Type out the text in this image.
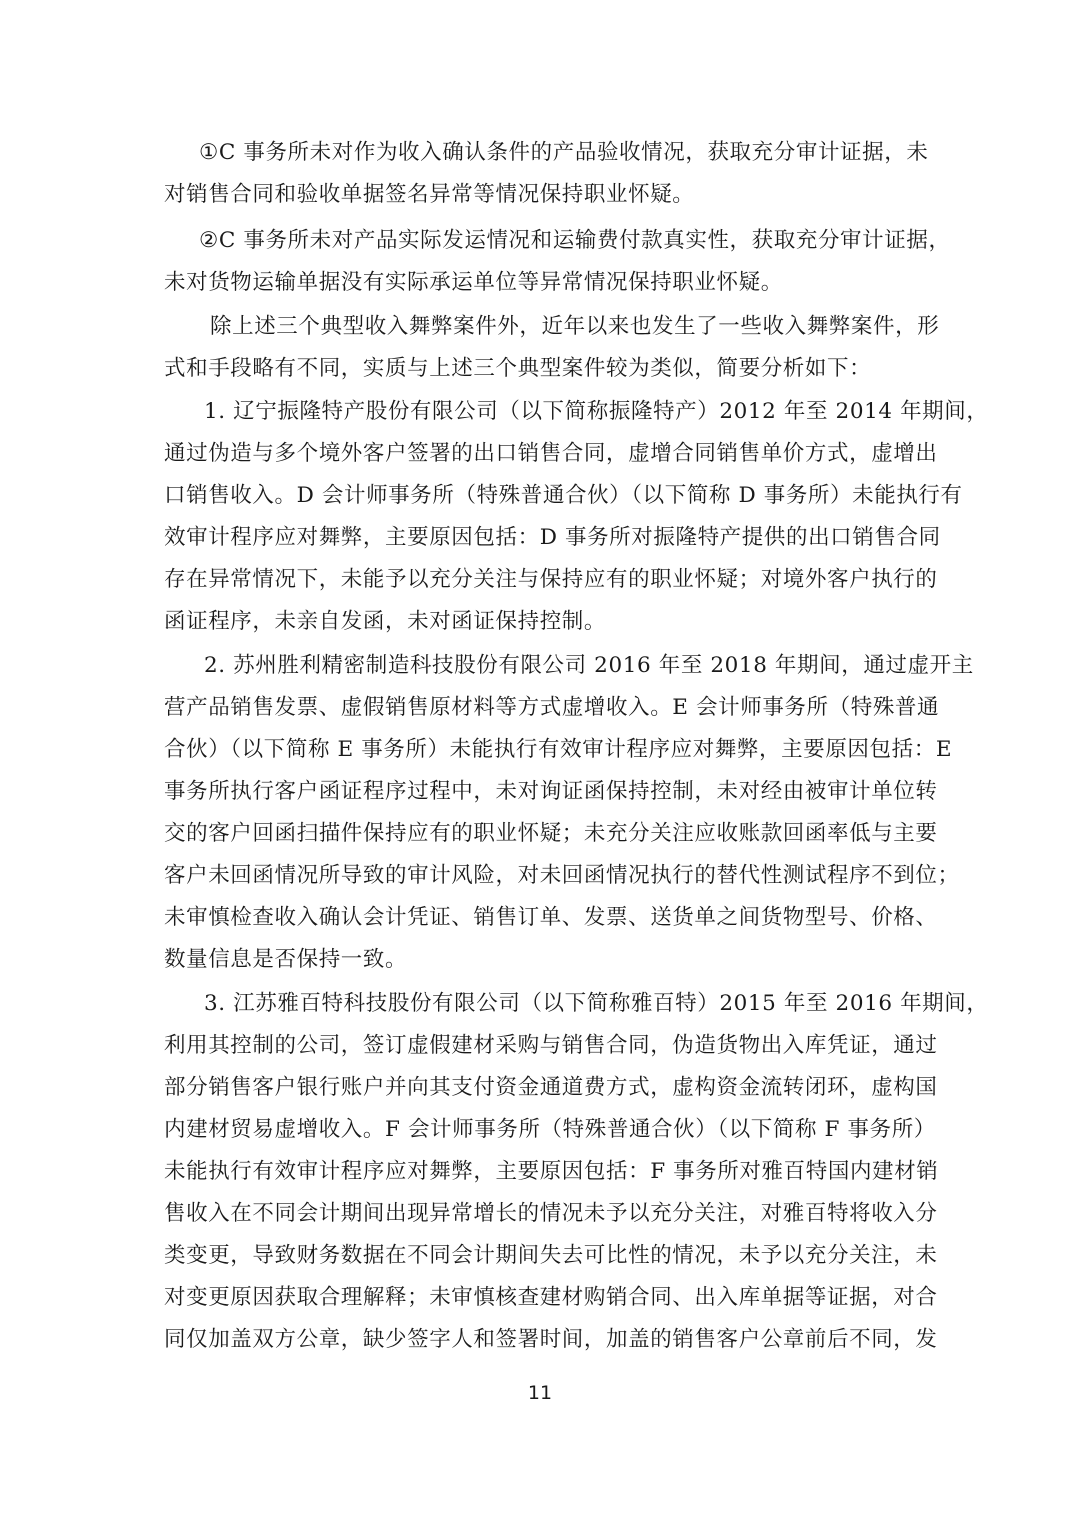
①C 事务所未对作为收入确认条件的产品验收情况，获取充分审计证据，未

对销售合同和验收单据签名异常等情况保持职业怀疑。

②C 事务所未对产品实际发运情况和运输费付款真实性，获取充分审计证据，

未对货物运输单据没有实际承运单位等异常情况保持职业怀疑。

除上述三个典型收入舞弊案件外，近年以来也发生了一些收入舞弊案件，形

式和手段略有不同，实质与上述三个典型案件较为类似，简要分析如下：

1. 辽宁振隆特产股份有限公司（以下简称振隆特产）2012 年至 2014 年期间，

通过伪造与多个境外客户签署的出口销售合同，虚增合同销售单价方式，虚增出

口销售收入。D 会计师事务所（特殊普通合伙）（以下简称 D 事务所）未能执行有

效审计程序应对舞弊，主要原因包括：D 事务所对振隆特产提供的出口销售合同

存在异常情况下，未能予以充分关注与保持应有的职业怀疑；对境外客户执行的

函证程序，未亲自发函，未对函证保持控制。

2. 苏州胜利精密制造科技股份有限公司 2016 年至 2018 年期间，通过虚开主

营产品销售发票、虚假销售原材料等方式虚增收入。E 会计师事务所（特殊普通

合伙）（以下简称 E 事务所）未能执行有效审计程序应对舞弊，主要原因包括：E

事务所执行客户函证程序过程中，未对询证函保持控制，未对经由被审计单位转

交的客户回函扫描件保持应有的职业怀疑；未充分关注应收账款回函率低与主要

客户未回函情况所导致的审计风险，对未回函情况执行的替代性测试程序不到位；

未审慎检查收入确认会计凭证、销售订单、发票、送货单之间货物型号、价格、

数量信息是否保持一致。

3. 江苏雅百特科技股份有限公司（以下简称雅百特）2015 年至 2016 年期间，

利用其控制的公司，签订虚假建材采购与销售合同，伪造货物出入库凭证，通过

部分销售客户银行账户并向其支付资金通道费方式，虚构资金流转闭环，虚构国

内建材贸易虚增收入。F 会计师事务所（特殊普通合伙）（以下简称 F 事务所）

未能执行有效审计程序应对舞弊，主要原因包括：F 事务所对雅百特国内建材销

售收入在不同会计期间出现异常增长的情况未予以充分关注，对雅百特将收入分

类变更，导致财务数据在不同会计期间失去可比性的情况，未予以充分关注，未

对变更原因获取合理解释；未审慎核查建材购销合同、出入库单据等证据，对合

同仅加盖双方公章，缺少签字人和签署时间，加盖的销售客户公章前后不同，发

11
